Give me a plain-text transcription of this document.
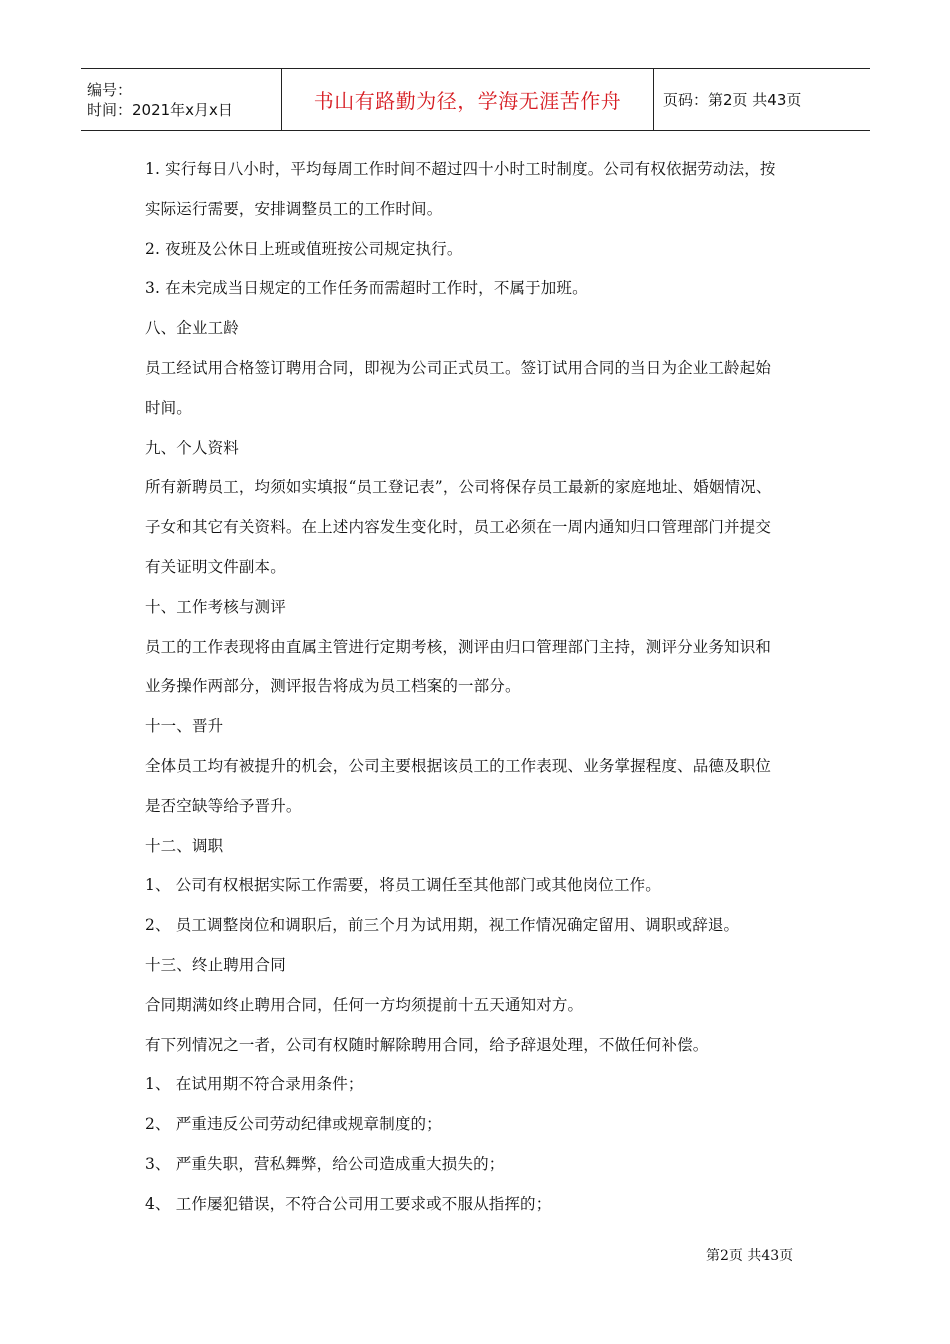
编号：
时间：2021年x月x日	书山有路勤为径，学海无涯苦作舟	页码：第2页 共43页
1. 实行每日八小时，平均每周工作时间不超过四十小时工时制度。公司有权依据劳动法，按
实际运行需要，安排调整员工的工作时间。
2. 夜班及公休日上班或值班按公司规定执行。
3. 在未完成当日规定的工作任务而需超时工作时，不属于加班。
八、企业工龄
员工经试用合格签订聘用合同，即视为公司正式员工。签订试用合同的当日为企业工龄起始
时间。
九、个人资料
所有新聘员工，均须如实填报“员工登记表”，公司将保存员工最新的家庭地址、婚姻情况、
子女和其它有关资料。在上述内容发生变化时，员工必须在一周内通知归口管理部门并提交
有关证明文件副本。
十、工作考核与测评
员工的工作表现将由直属主管进行定期考核，测评由归口管理部门主持，测评分业务知识和
业务操作两部分，测评报告将成为员工档案的一部分。
十一、晋升
全体员工均有被提升的机会，公司主要根据该员工的工作表现、业务掌握程度、品德及职位
是否空缺等给予晋升。
十二、调职
1、 公司有权根据实际工作需要，将员工调任至其他部门或其他岗位工作。
2、 员工调整岗位和调职后，前三个月为试用期，视工作情况确定留用、调职或辞退。
十三、终止聘用合同
合同期满如终止聘用合同，任何一方均须提前十五天通知对方。
有下列情况之一者，公司有权随时解除聘用合同，给予辞退处理，不做任何补偿。
1、 在试用期不符合录用条件；
2、 严重违反公司劳动纪律或规章制度的；
3、 严重失职，营私舞弊，给公司造成重大损失的；
4、 工作屡犯错误，不符合公司用工要求或不服从指挥的；
第2页 共43页
